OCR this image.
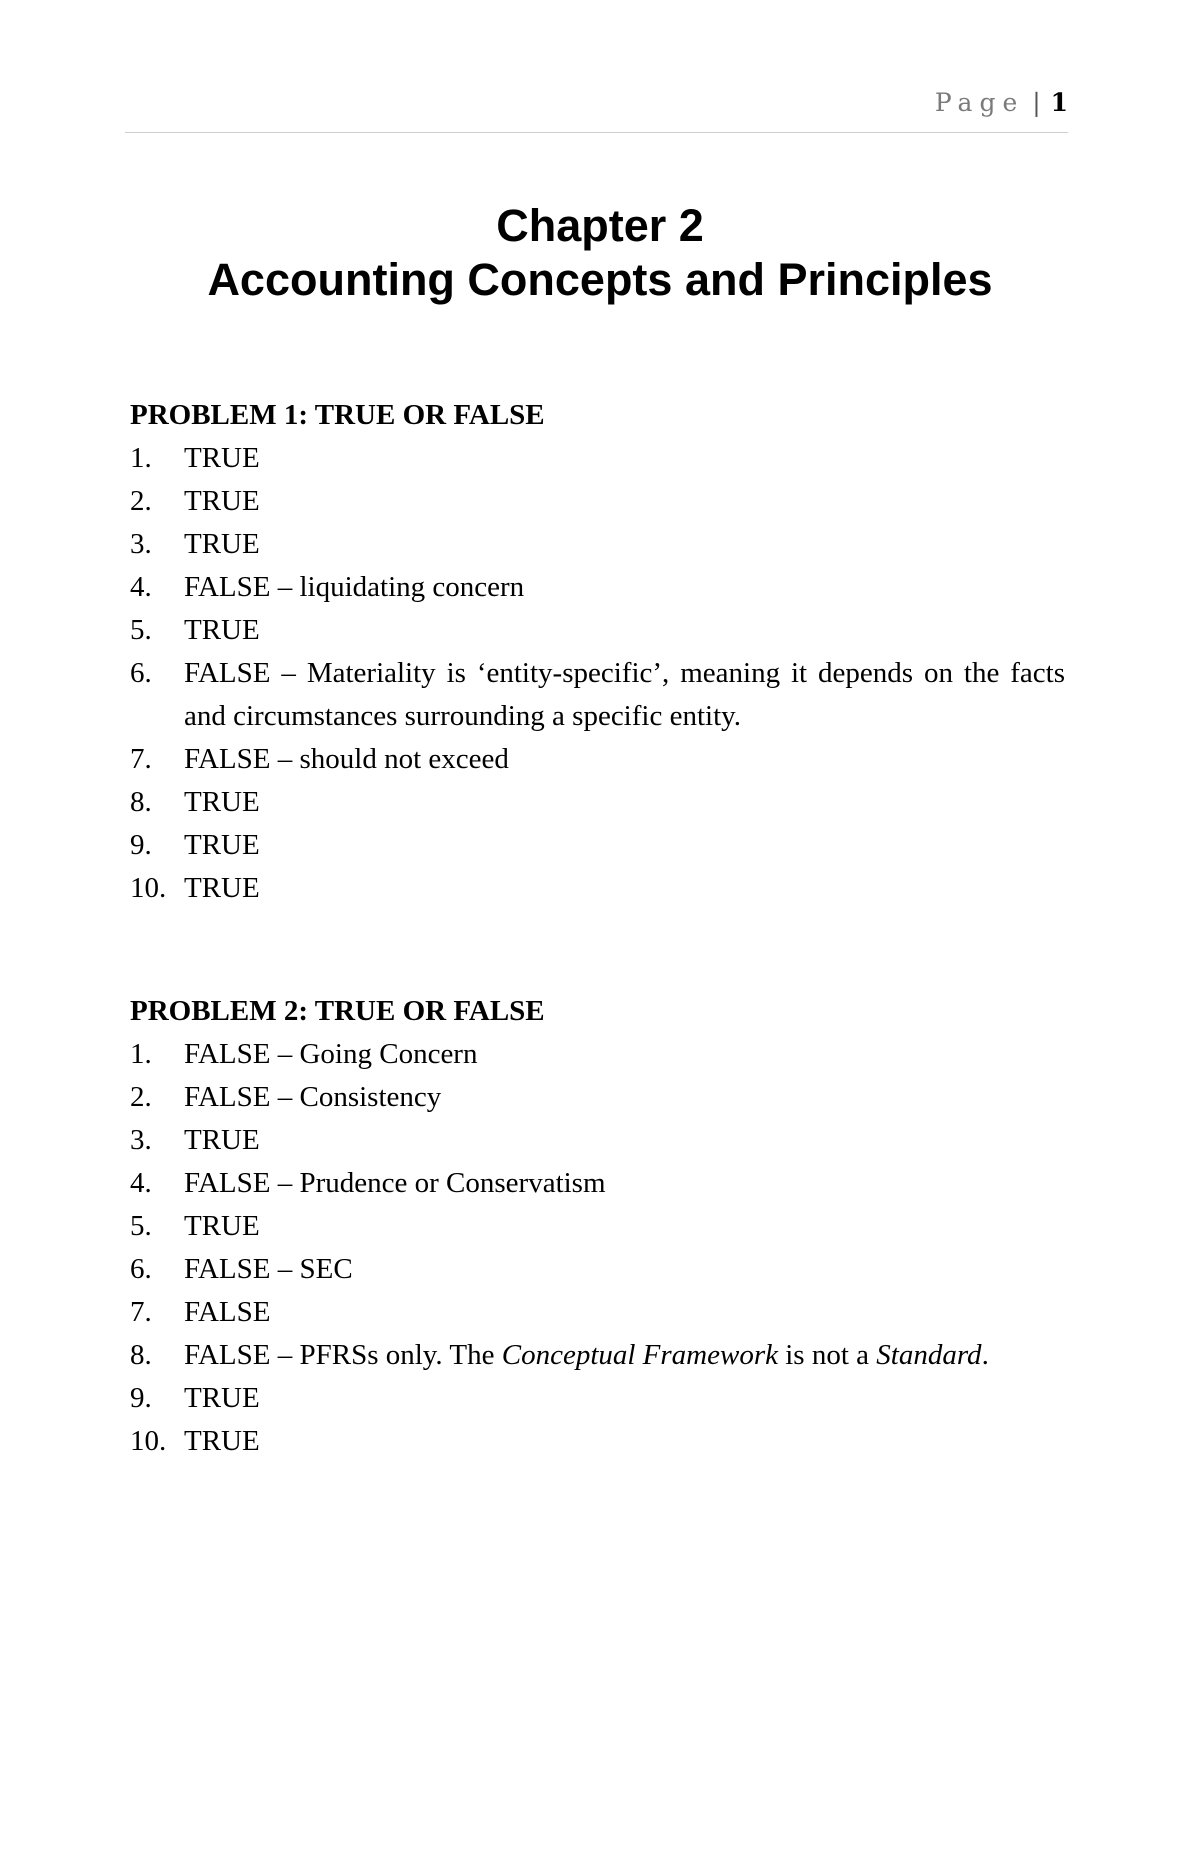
Page | 1
Chapter 2
Accounting Concepts and Principles
PROBLEM 1: TRUE OR FALSE
1.	TRUE
2.	TRUE
3.	TRUE
4.	FALSE – liquidating concern
5.	TRUE
6.	FALSE – Materiality is ‘entity-specific’, meaning it depends on the facts and circumstances surrounding a specific entity.
7.	FALSE – should not exceed
8.	TRUE
9.	TRUE
10. TRUE
PROBLEM 2: TRUE OR FALSE
1.	FALSE – Going Concern
2.	FALSE – Consistency
3.	TRUE
4.	FALSE – Prudence or Conservatism
5.	TRUE
6.	FALSE – SEC
7.	FALSE
8.	FALSE – PFRSs only. The Conceptual Framework is not a Standard.
9.	TRUE
10. TRUE
